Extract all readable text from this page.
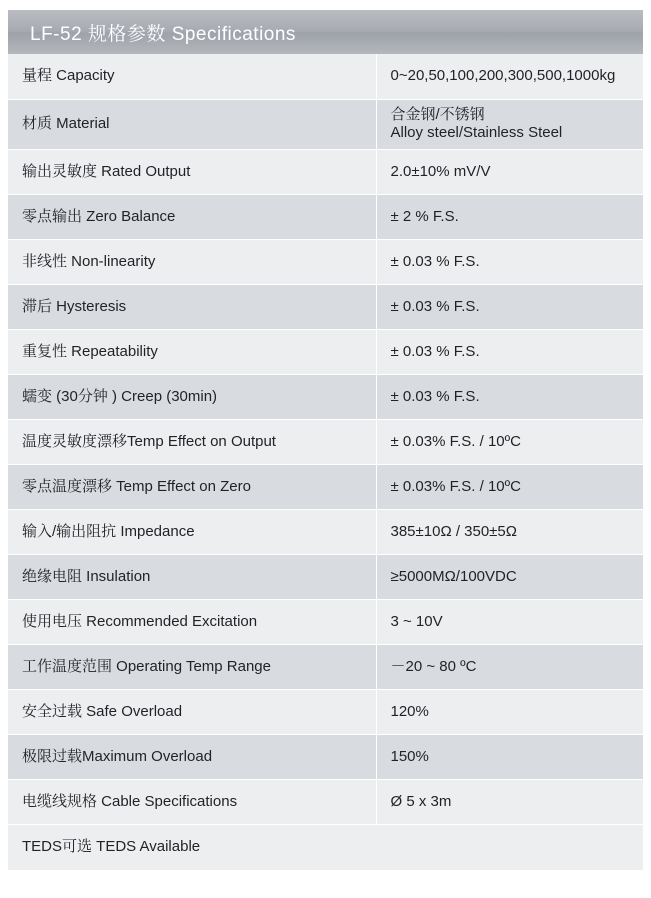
LF-52 规格参数 Specifications
量程 Capacity	0~20,50,100,200,300,500,1000kg
材质 Material	合金钢/不锈钢
Alloy steel/Stainless Steel

输出灵敏度 Rated Output	2.0±10% mV/V
零点输出 Zero Balance	± 2 % F.S.
非线性 Non-linearity	± 0.03 % F.S.
滞后 Hysteresis	± 0.03 % F.S.
重复性 Repeatability	± 0.03 % F.S.
蠕变 (30分钟 ) Creep (30min)	± 0.03 % F.S.
温度灵敏度漂移Temp Effect on Output	± 0.03% F.S. / 10ºC
零点温度漂移 Temp Effect on Zero	± 0.03% F.S. / 10ºC
输入/输出阻抗 Impedance	385±10Ω / 350±5Ω
绝缘电阻 Insulation	≥5000MΩ/100VDC
使用电压 Recommended Excitation	3 ~ 10V
工作温度范围 Operating Temp Range	－20 ~ 80 ºC
安全过载 Safe Overload	120%
极限过载Maximum Overload	150%
电缆线规格 Cable Specifications	Ø 5 x 3m
TEDS可选 TEDS Available	
